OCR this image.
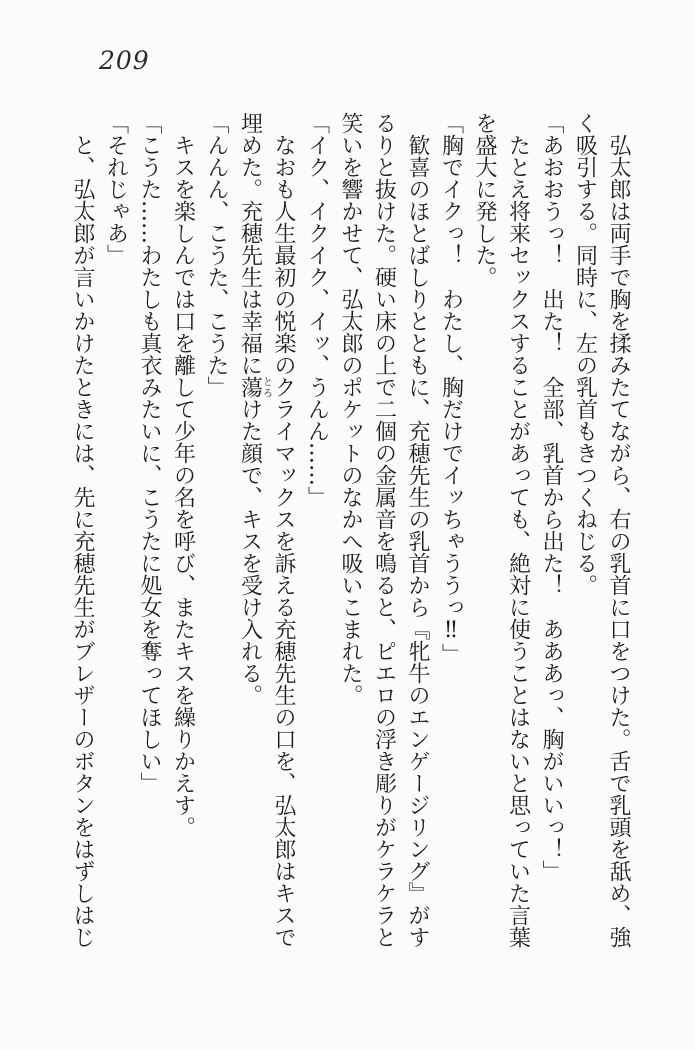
209

弘太郎は両手で胸を揉みたてながら、右の乳首に口をつけた。舌で乳頭を舐め、強く吸引する。同時に、左の乳首もきつくねじる。

「あおおうっ！　出た！　全部、乳首から出た！　あああっ、胸がいいっ！」

たとえ将来セックスすることがあっても、絶対に使うことはないと思っていた言葉を盛大に発した。

「胸でイクっ！　わたし、胸だけでイッちゃううっ‼」

歓喜のほとばしりとともに、充穂先生の乳首から『牝牛のエンゲージリング』がするりと抜けた。硬い床の上で二個の金属音を鳴ると、ピエロの浮き彫りがケラケラと笑いを響かせて、弘太郎のポケットのなかへ吸いこまれた。

「イク、イクイク、イッ、うんん……」

なおも人生最初の悦楽のクライマックスを訴える充穂先生の口を、弘太郎はキスで埋めた。充穂先生は幸福に蕩とろけた顔で、キスを受け入れる。

「んんん、こうた、こうた」

キスを楽しんでは口を離して少年の名を呼び、またキスを繰りかえす。

「こうた……わたしも真衣みたいに、こうたに処女を奪ってほしい」

「それじゃあ」

と、弘太郎が言いかけたときには、先に充穂先生がブレザーのボタンをはずしはじ
